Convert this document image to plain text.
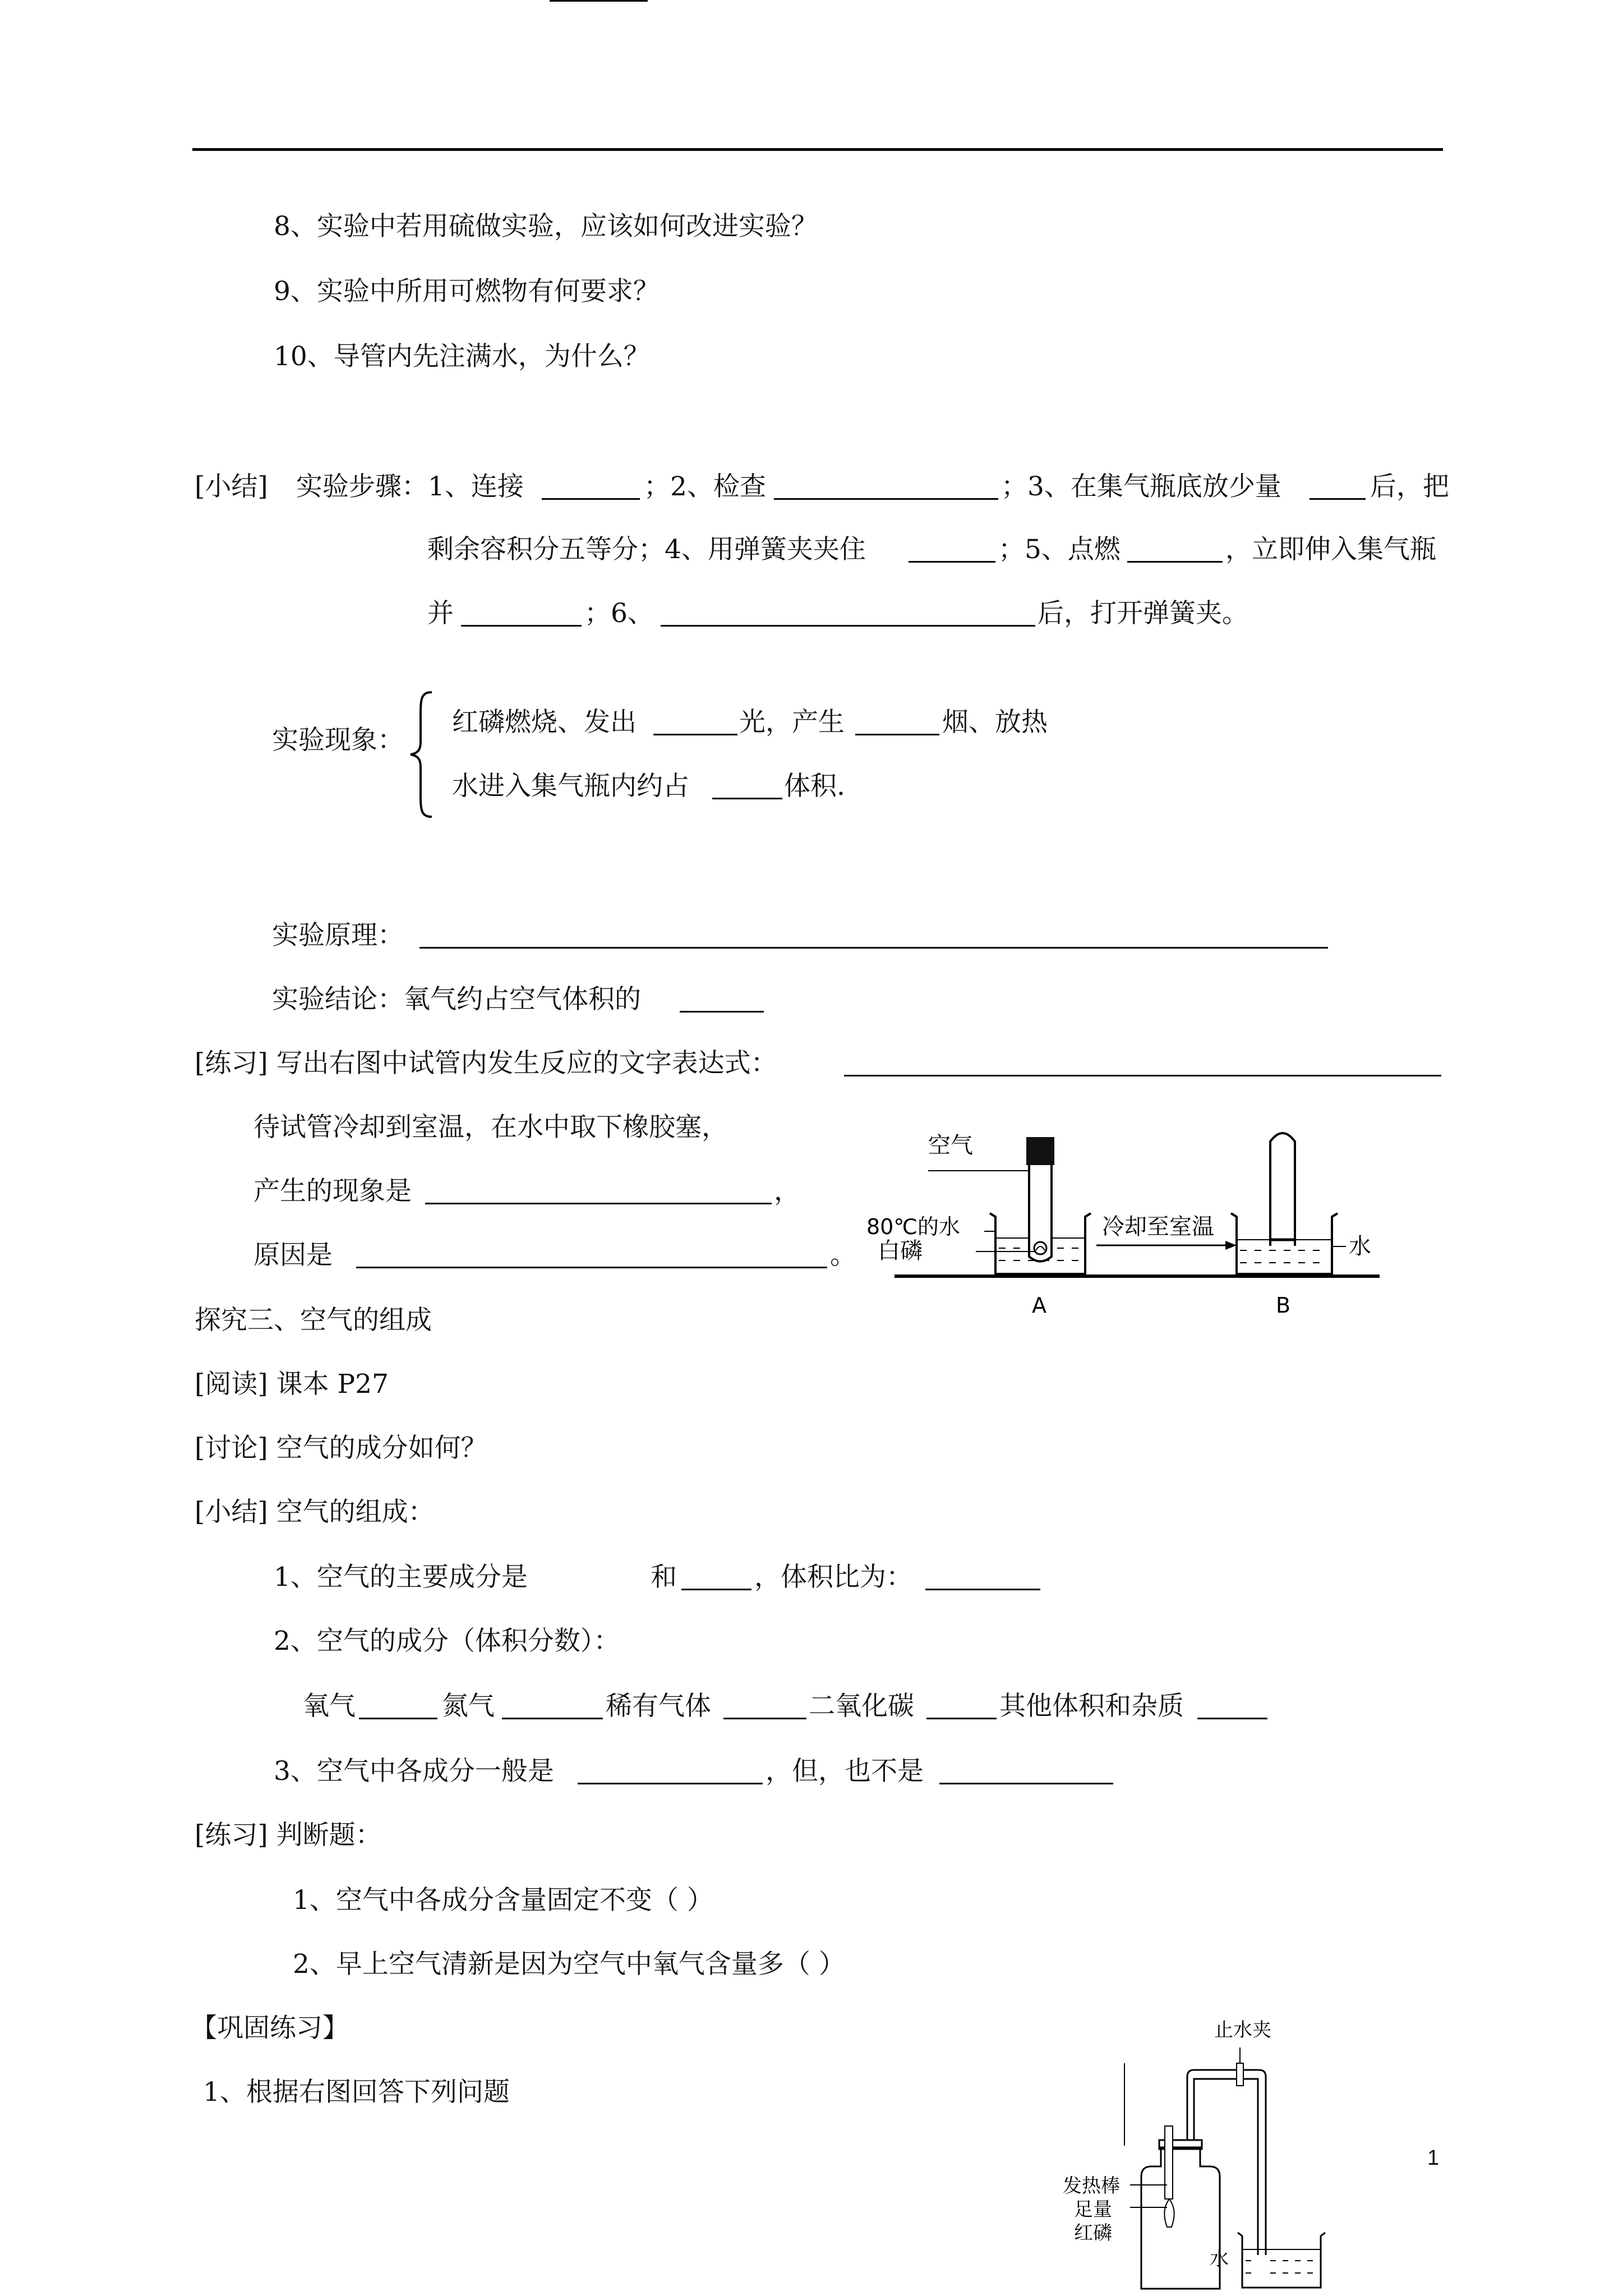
8、实验中若用硫做实验，应该如何改进实验？
9、实验中所用可燃物有何要求？
10、导管内先注满水，为什么？
[小结] 实验步骤：1、连接	；2、检查	；3、在集气瓶底放少量	后，把
剩余容积分五等分；4、用弹簧夹夹住	；5、点燃	，立即伸入集气瓶
并	；6、	后，打开弹簧夹。
实验现象：
红磷燃烧、发出	光，产生	烟、放热
水进入集气瓶内约占	体积.
实验原理：
实验结论：氧气约占空气体积的
[练习] 写出右图中试管内发生反应的文字表达式：
待试管冷却到室温，在水中取下橡胶塞，
产生的现象是	，
原因是	。
空气
80℃的水
白磷
冷却至室温
水
A	B
探究三、空气的组成
[阅读] 课本 P27
[讨论] 空气的成分如何？
[小结] 空气的组成：
1、空气的主要成分是	和	，体积比为：
2、空气的成分（体积分数）：
氧气	氮气	稀有气体	二氧化碳	其他体积和杂质
3、空气中各成分一般是	，但，也不是
[练习] 判断题：
1、空气中各成分含量固定不变（ ）
2、早上空气清新是因为空气中氧气含量多（ ）
【巩固练习】
1、根据右图回答下列问题
止水夹
发热棒
足量
红磷
水
1
